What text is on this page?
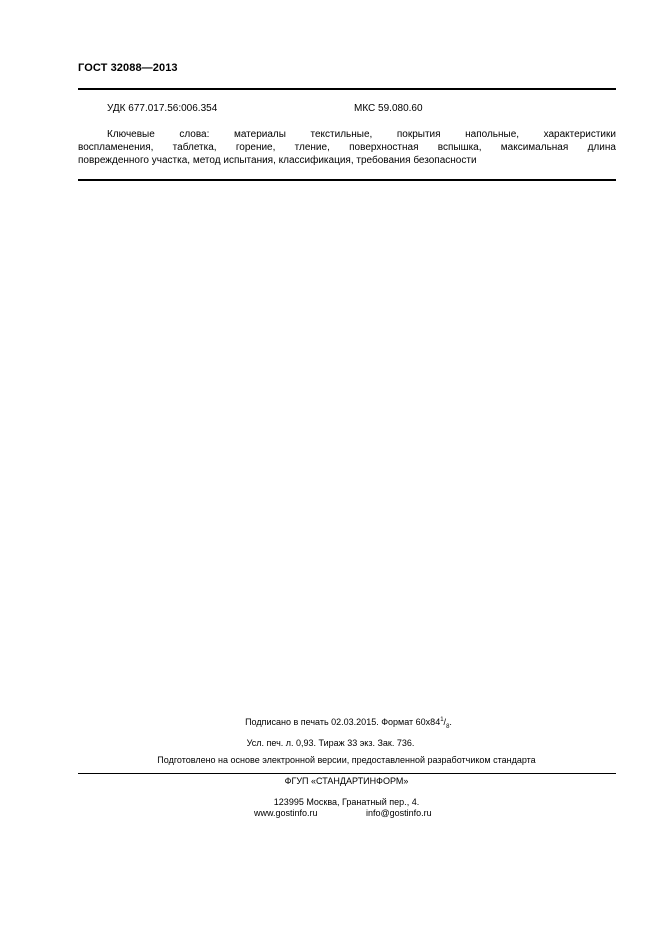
ГОСТ 32088—2013
УДК 677.017.56:006.354	МКС 59.080.60
Ключевые слова: материалы текстильные, покрытия напольные, характеристики
воспламенения, таблетка, горение, тление, поверхностная вспышка, максимальная длина
поврежденного участка, метод испытания, классификация, требования безопасности
Подписано в печать 02.03.2015. Формат $60х84^1/_8$.
Усл. печ. л. 0,93. Тираж 33 экз. Зак. 736.
Подготовлено на основе электронной версии, предоставленной разработчиком стандарта
ФГУП «СТАНДАРТИНФОРМ»
123995 Москва, Гранатный пер., 4.
www.gostinfo.ru	info@gostinfo.ru
